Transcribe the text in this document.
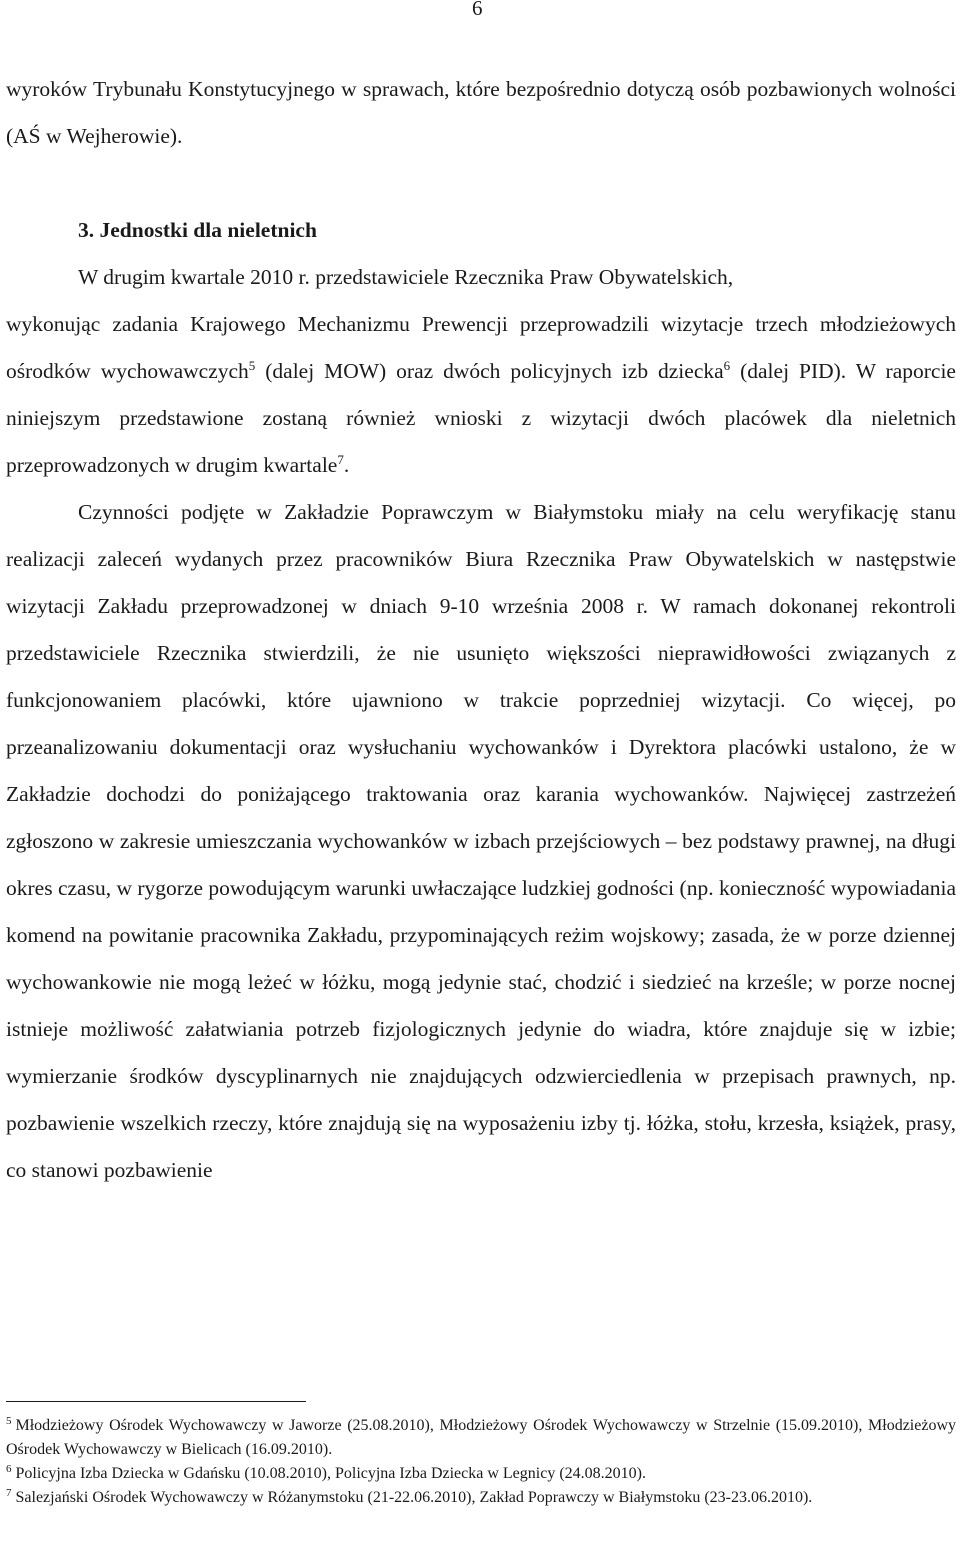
6

wyroków Trybunału Konstytucyjnego w sprawach, które bezpośrednio dotyczą osób pozbawionych wolności (AŚ w Wejherowie).

3. Jednostki dla nieletnich

W drugim kwartale 2010 r. przedstawiciele Rzecznika Praw Obywatelskich,

wykonując zadania Krajowego Mechanizmu Prewencji przeprowadzili wizytacje trzech młodzieżowych ośrodków wychowawczych$^5$ (dalej MOW) oraz dwóch policyjnych izb dziecka$^6$ (dalej PID). W raporcie niniejszym przedstawione zostaną również wnioski z wizytacji dwóch placówek dla nieletnich przeprowadzonych w drugim kwartale$^7$.

Czynności podjęte w Zakładzie Poprawczym w Białymstoku miały na celu weryfikację stanu realizacji zaleceń wydanych przez pracowników Biura Rzecznika Praw Obywatelskich w następstwie wizytacji Zakładu przeprowadzonej w dniach 9-10 września 2008 r. W ramach dokonanej rekontroli przedstawiciele Rzecznika stwierdzili, że nie usunięto większości nieprawidłowości związanych z funkcjonowaniem placówki, które ujawniono w trakcie poprzedniej wizytacji. Co więcej, po przeanalizowaniu dokumentacji oraz wysłuchaniu wychowanków i Dyrektora placówki ustalono, że w Zakładzie dochodzi do poniżającego traktowania oraz karania wychowanków. Najwięcej zastrzeżeń zgłoszono w zakresie umieszczania wychowanków w izbach przejściowych – bez podstawy prawnej, na długi okres czasu, w rygorze powodującym warunki uwłaczające ludzkiej godności (np. konieczność wypowiadania komend na powitanie pracownika Zakładu, przypominających reżim wojskowy; zasada, że w porze dziennej wychowankowie nie mogą leżeć w łóżku, mogą jedynie stać, chodzić i siedzieć na krześle; w porze nocnej istnieje możliwość załatwiania potrzeb fizjologicznych jedynie do wiadra, które znajduje się w izbie; wymierzanie środków dyscyplinarnych nie znajdujących odzwierciedlenia w przepisach prawnych, np. pozbawienie wszelkich rzeczy, które znajdują się na wyposażeniu izby tj. łóżka, stołu, krzesła, książek, prasy, co stanowi pozbawienie

$^5$ Młodzieżowy Ośrodek Wychowawczy w Jaworze (25.08.2010), Młodzieżowy Ośrodek Wychowawczy w Strzelnie (15.09.2010), Młodzieżowy Ośrodek Wychowawczy w Bielicach (16.09.2010).

$^6$ Policyjna Izba Dziecka w Gdańsku (10.08.2010), Policyjna Izba Dziecka w Legnicy (24.08.2010).

$^7$ Salezjański Ośrodek Wychowawczy w Różanymstoku (21-22.06.2010), Zakład Poprawczy w Białymstoku (23-23.06.2010).
